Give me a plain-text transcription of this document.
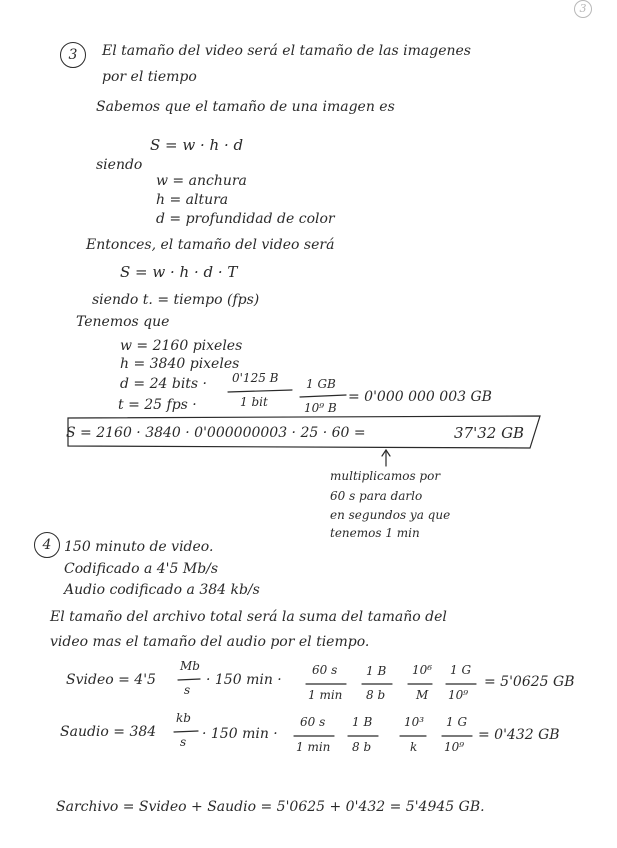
3
3	El tamaño del video será el tamaño de las imagenes
por el tiempo
Sabemos que el tamaño de una imagen es
S = w · h · d
siendo
w = anchura
h = altura
d = profundidad de color
Entonces, el tamaño del video será
S = w · h · d · T
siendo t. = tiempo (fps)
Tenemos que
w = 2160 pixeles
h = 3840 pixeles
d = 24 bits · 0'125 B
1 bit
1 GB
10⁹ B
= 0'000 000 003 GB
t = 25 fps ·
S = 2160 · 3840 · 0'000000003 · 25 · 60 =	37'32 GB
multiplicamos por
60 s para darlo
en segundos ya que
tenemos 1 min
4 150 minuto de video.
Codificado a 4'5 Mb/s
Audio codificado a 384 kb/s
El tamaño del archivo total será la suma del tamaño del
video mas el tamaño del audio por el tiempo.
Svideo = 4'5
Mb
s
· 150 min ·
60 s
1 min
1 B
8 b
10⁶
M
1 G
10⁹
= 5'0625 GB
Saudio = 384
kb
s · 150 min ·
60 s
1 min
1 B
8 b
10³
k
1 G
10⁹
= 0'432 GB
Sarchivo = Svideo + Saudio = 5'0625 + 0'432 = 5'4945 GB.
